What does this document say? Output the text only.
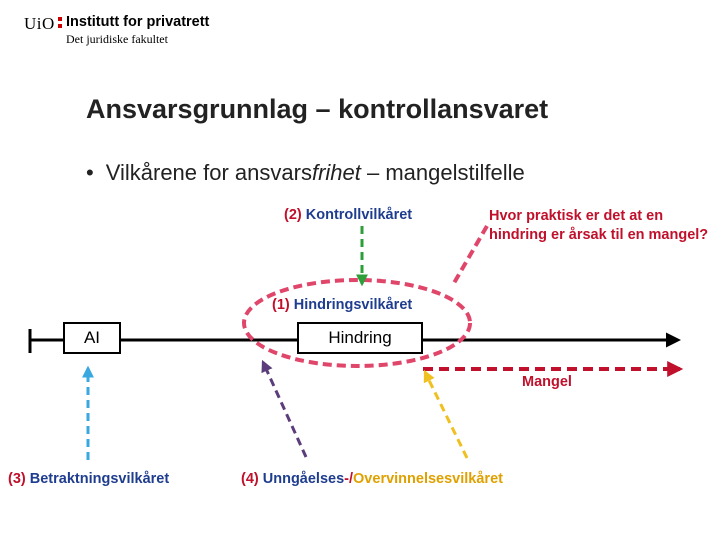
UiO Institutt for privatrett
Det juridiske fakultet
Ansvarsgrunnlag – kontrollansvaret
• Vilkårene for ansvarsfrihet – mangelstilfelle
(2) Kontrollvilkåret	Hvor praktisk er det at en hindring er årsak til en mangel?
(1) Hindringsvilkåret
AI	Hindring
Mangel
(3) Betraktningsvilkåret	(4) Unngåelses-/Overvinnelsesvilkåret
